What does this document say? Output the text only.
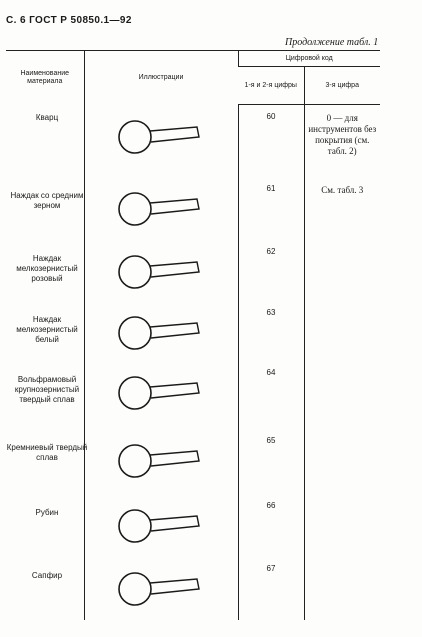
С. 6 ГОСТ Р 50850.1—92
Продолжение табл. 1
Наименование материала	Иллюстрации	Цифровой код	
		1-я и 2-я цифры	3-я цифра
Кварц		60	0 — для инструментов без покрытия (см. табл. 2)
Наждак со средним зерном		61	См. табл. 3
Наждак мелкозернистый розовый		62	
Наждак мелкозернистый белый		63	
Вольфрамовый крупнозернистый твердый сплав		64	
Кремниевый твердый сплав		65	
Рубин		66	
Сапфир		67	
